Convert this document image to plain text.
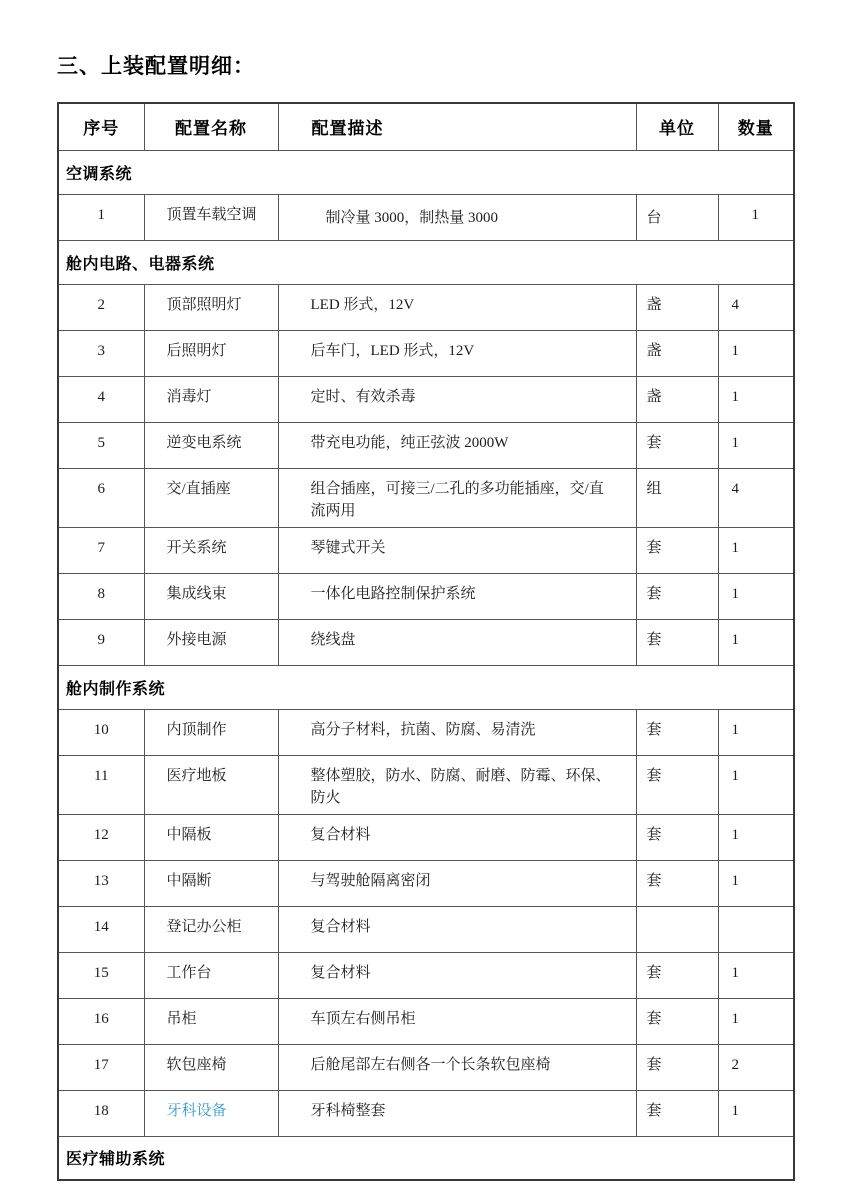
三、上装配置明细：
序号	配置名称	配置描述	单位	数量
空调系统				
1	顶置车载空调	制冷量 3000，制热量 3000	台	1
舱内电路、电器系统				
2	顶部照明灯	LED 形式，12V	盏	4
3	后照明灯	后车门，LED 形式，12V	盏	1
4	消毒灯	定时、有效杀毒	盏	1
5	逆变电系统	带充电功能，纯正弦波 2000W	套	1
6	交/直插座	组合插座，可接三/二孔的多功能插座，交/直流两用	组	4
7	开关系统	琴键式开关	套	1
8	集成线束	一体化电路控制保护系统	套	1
9	外接电源	绕线盘	套	1
舱内制作系统				
10	内顶制作	高分子材料，抗菌、防腐、易清洗	套	1
11	医疗地板	整体塑胶，防水、防腐、耐磨、防霉、环保、防火	套	1
12	中隔板	复合材料	套	1
13	中隔断	与驾驶舱隔离密闭	套	1
14	登记办公柜	复合材料		
15	工作台	复合材料	套	1
16	吊柜	车顶左右侧吊柜	套	1
17	软包座椅	后舱尾部左右侧各一个长条软包座椅	套	2
18	牙科设备	牙科椅整套	套	1
医疗辅助系统				
